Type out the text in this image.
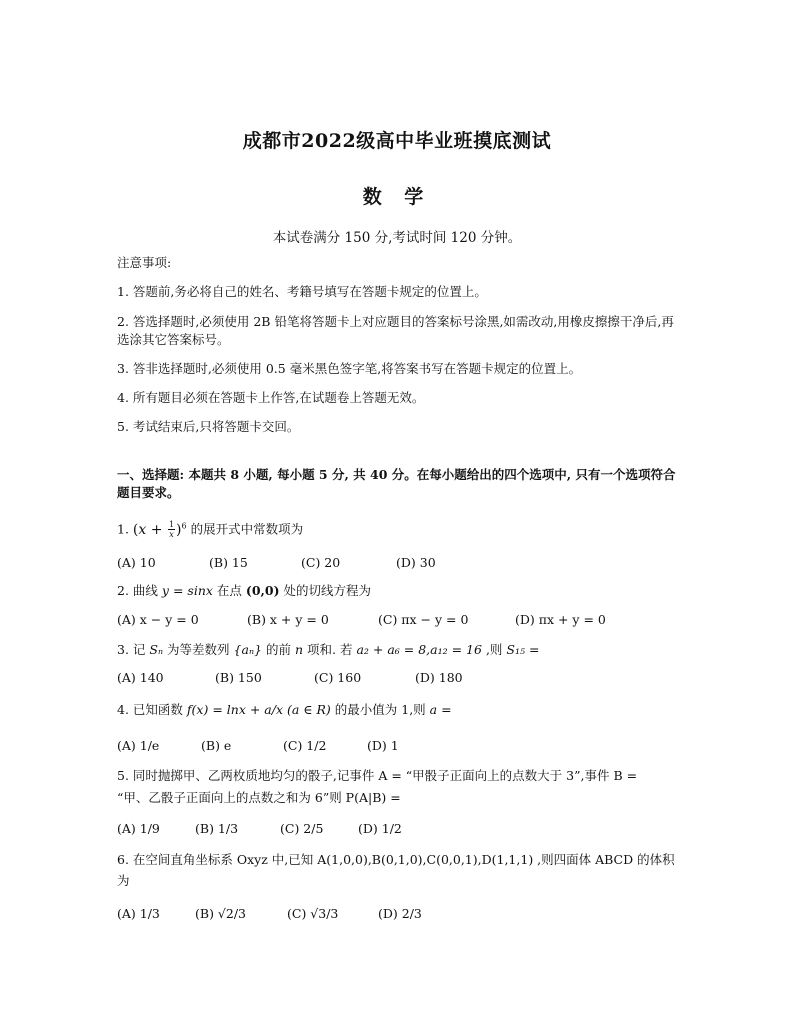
成都市2022级高中毕业班摸底测试
数 学
本试卷满分 150 分,考试时间 120 分钟。
注意事项:
1. 答题前,务必将自己的姓名、考籍号填写在答题卡规定的位置上。
2. 答选择题时,必须使用 2B 铅笔将答题卡上对应题目的答案标号涂黑,如需改动,用橡皮擦擦干净后,再选涂其它答案标号。
3. 答非选择题时,必须使用 0.5 毫米黑色签字笔,将答案书写在答题卡规定的位置上。
4. 所有题目必须在答题卡上作答,在试题卷上答题无效。
5. 考试结束后,只将答题卡交回。
一、选择题: 本题共 8 小题, 每小题 5 分, 共 40 分。在每小题给出的四个选项中, 只有一个选项符合题目要求。
1. $(x + \frac{1}{x} )^6$ 的展开式中常数项为
(A) 10	(B) 15	(C) 20	(D) 30
2. 曲线 y = sinx 在点 (0,0) 处的切线方程为
(A) x − y = 0	(B) x + y = 0	(C) πx − y = 0	(D) πx + y = 0
3. 记 Sₙ 为等差数列 {aₙ} 的前 n 项和. 若 a₂ + a₆ = 8,a₁₂ = 16 ,则 S₁₅ =
(A) 140	(B) 150	(C) 160	(D) 180
4. 已知函数 f(x) = lnx + a/x (a ∈ R) 的最小值为 1,则 a =
(A) 1/e	(B) e	(C) 1/2	(D) 1
5. 同时抛掷甲、乙两枚质地均匀的骰子,记事件 A = “甲骰子正面向上的点数大于 3”,事件 B =
“甲、乙骰子正面向上的点数之和为 6”则 P(A|B) =
(A) 1/9	(B) 1/3	(C) 2/5	(D) 1/2
6. 在空间直角坐标系 Oxyz 中,已知 A(1,0,0),B(0,1,0),C(0,0,1),D(1,1,1) ,则四面体 ABCD 的体积
为
(A) 1/3	(B) √2/3	(C) √3/3	(D) 2/3
